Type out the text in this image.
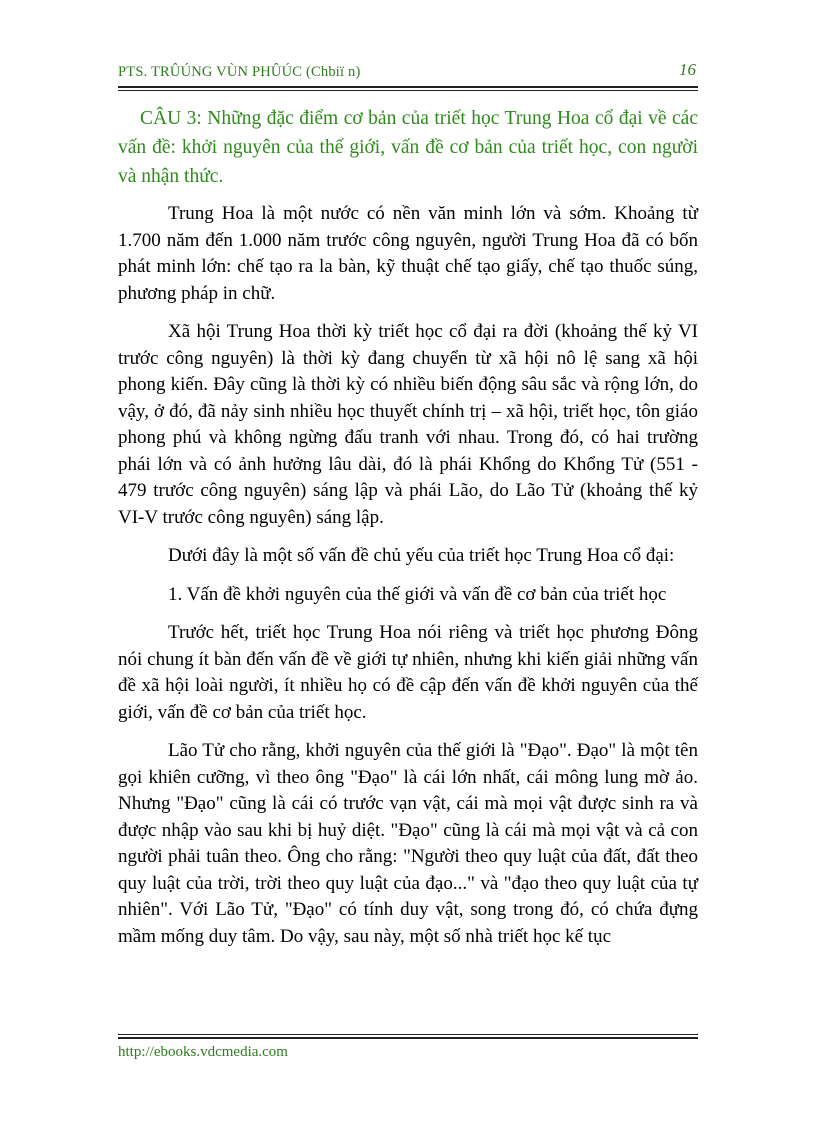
PTS. TRÛÚNG VÙN PHÛÚC (Chbiï n)	16

CÂU 3: Những đặc điểm cơ bản của triết học Trung Hoa cổ đại về các vấn đề: khởi nguyên của thế giới, vấn đề cơ bản của triết học, con người và nhận thức.

Trung Hoa là một nước có nền văn minh lớn và sớm. Khoảng từ 1.700 năm đến 1.000 năm trước công nguyên, người Trung Hoa đã có bốn phát minh lớn: chế tạo ra la bàn, kỹ thuật chế tạo giấy, chế tạo thuốc súng, phương pháp in chữ.

Xã hội Trung Hoa thời kỳ triết học cổ đại ra đời (khoảng thế kỷ VI trước công nguyên) là thời kỳ đang chuyển từ xã hội nô lệ sang xã hội phong kiến. Đây cũng là thời kỳ có nhiều biến động sâu sắc và rộng lớn, do vậy, ở đó, đã nảy sinh nhiều học thuyết chính trị – xã hội, triết học, tôn giáo phong phú và không ngừng đấu tranh với nhau. Trong đó, có hai trường phái lớn và có ảnh hưởng lâu dài, đó là phái Khổng do Khổng Tử (551 - 479 trước công nguyên) sáng lập và phái Lão, do Lão Tử (khoảng thế kỷ VI-V trước công nguyên) sáng lập.

Dưới đây là một số vấn đề chủ yếu của triết học Trung Hoa cổ đại:

1. Vấn đề khởi nguyên của thế giới và vấn đề cơ bản của triết học

Trước hết, triết học Trung Hoa nói riêng và triết học phương Đông nói chung ít bàn đến vấn đề về giới tự nhiên, nhưng khi kiến giải những vấn đề xã hội loài người, ít nhiều họ có đề cập đến vấn đề khởi nguyên của thế giới, vấn đề cơ bản của triết học.

Lão Tử cho rằng, khởi nguyên của thế giới là "Đạo". Đạo" là một tên gọi khiên cưỡng, vì theo ông "Đạo" là cái lớn nhất, cái mông lung mờ ảo. Nhưng "Đạo" cũng là cái có trước vạn vật, cái mà mọi vật được sinh ra và được nhập vào sau khi bị huỷ diệt. "Đạo" cũng là cái mà mọi vật và cả con người phải tuân theo. Ông cho rằng: "Người theo quy luật của đất, đất theo quy luật của trời, trời theo quy luật của đạo..." và "đạo theo quy luật của tự nhiên". Với Lão Tử, "Đạo" có tính duy vật, song trong đó, có chứa đựng mầm mống duy tâm. Do vậy, sau này, một số nhà triết học kế tục

http://ebooks.vdcmedia.com
